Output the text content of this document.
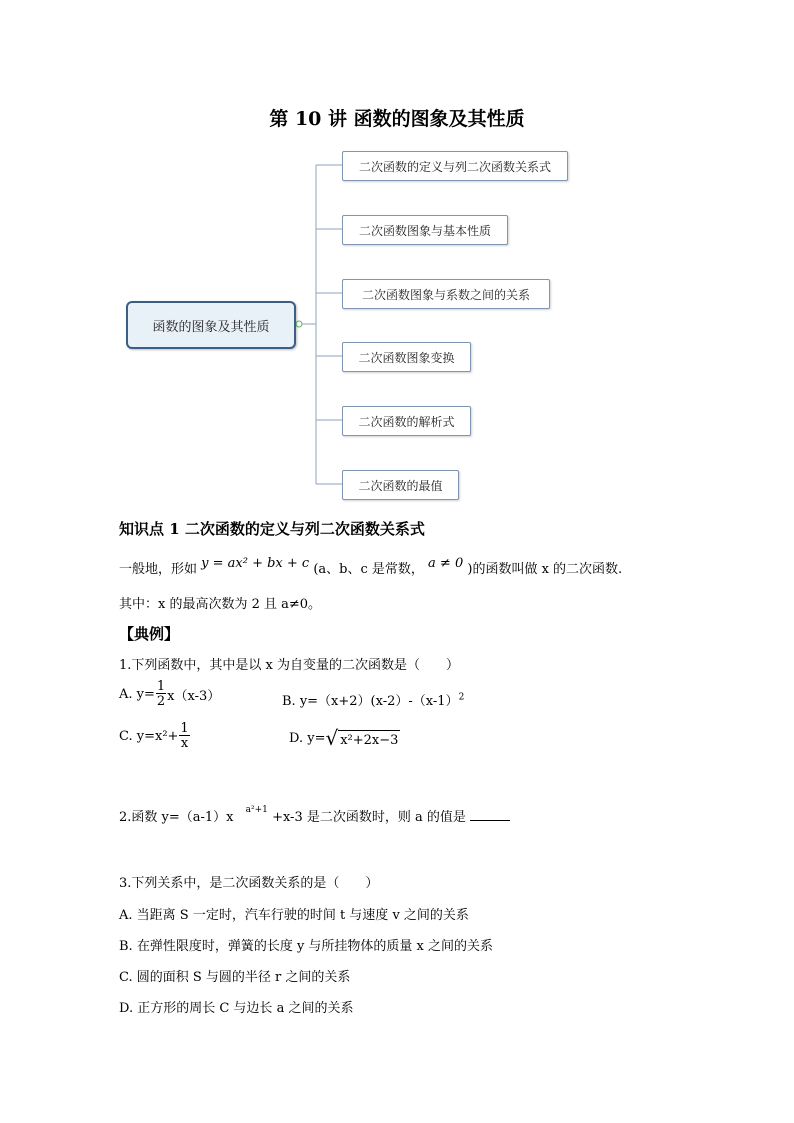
第 10 讲 函数的图象及其性质
函数的图象及其性质
二次函数的定义与列二次函数关系式
二次函数图象与基本性质
二次函数图象与系数之间的关系
二次函数图象变换
二次函数的解析式
二次函数的最值
知识点 1 二次函数的定义与列二次函数关系式
一般地，形如 y = ax² + bx + c (a、b、c 是常数， a ≠ 0 )的函数叫做 x 的二次函数.
其中：x 的最高次数为 2 且 a≠0。
【典例】
1.下列函数中，其中是以 x 为自变量的二次函数是（　　）
A. $y= \frac{1}{2} x(x-3)$	B. $y=(x+2)(x-2)-(x-1)^2$
C. $y=x^2+ \frac{1}{x}$	D. y= √ x²+2x−3
2.函数 y=（a-1）x $^{a^2+1}$ +x-3 是二次函数时，则 a 的值是
3.下列关系中，是二次函数关系的是（　　）
A. 当距离 S 一定时，汽车行驶的时间 t 与速度 v 之间的关系
B. 在弹性限度时，弹簧的长度 y 与所挂物体的质量 x 之间的关系
C. 圆的面积 S 与圆的半径 r 之间的关系
D. 正方形的周长 C 与边长 a 之间的关系
